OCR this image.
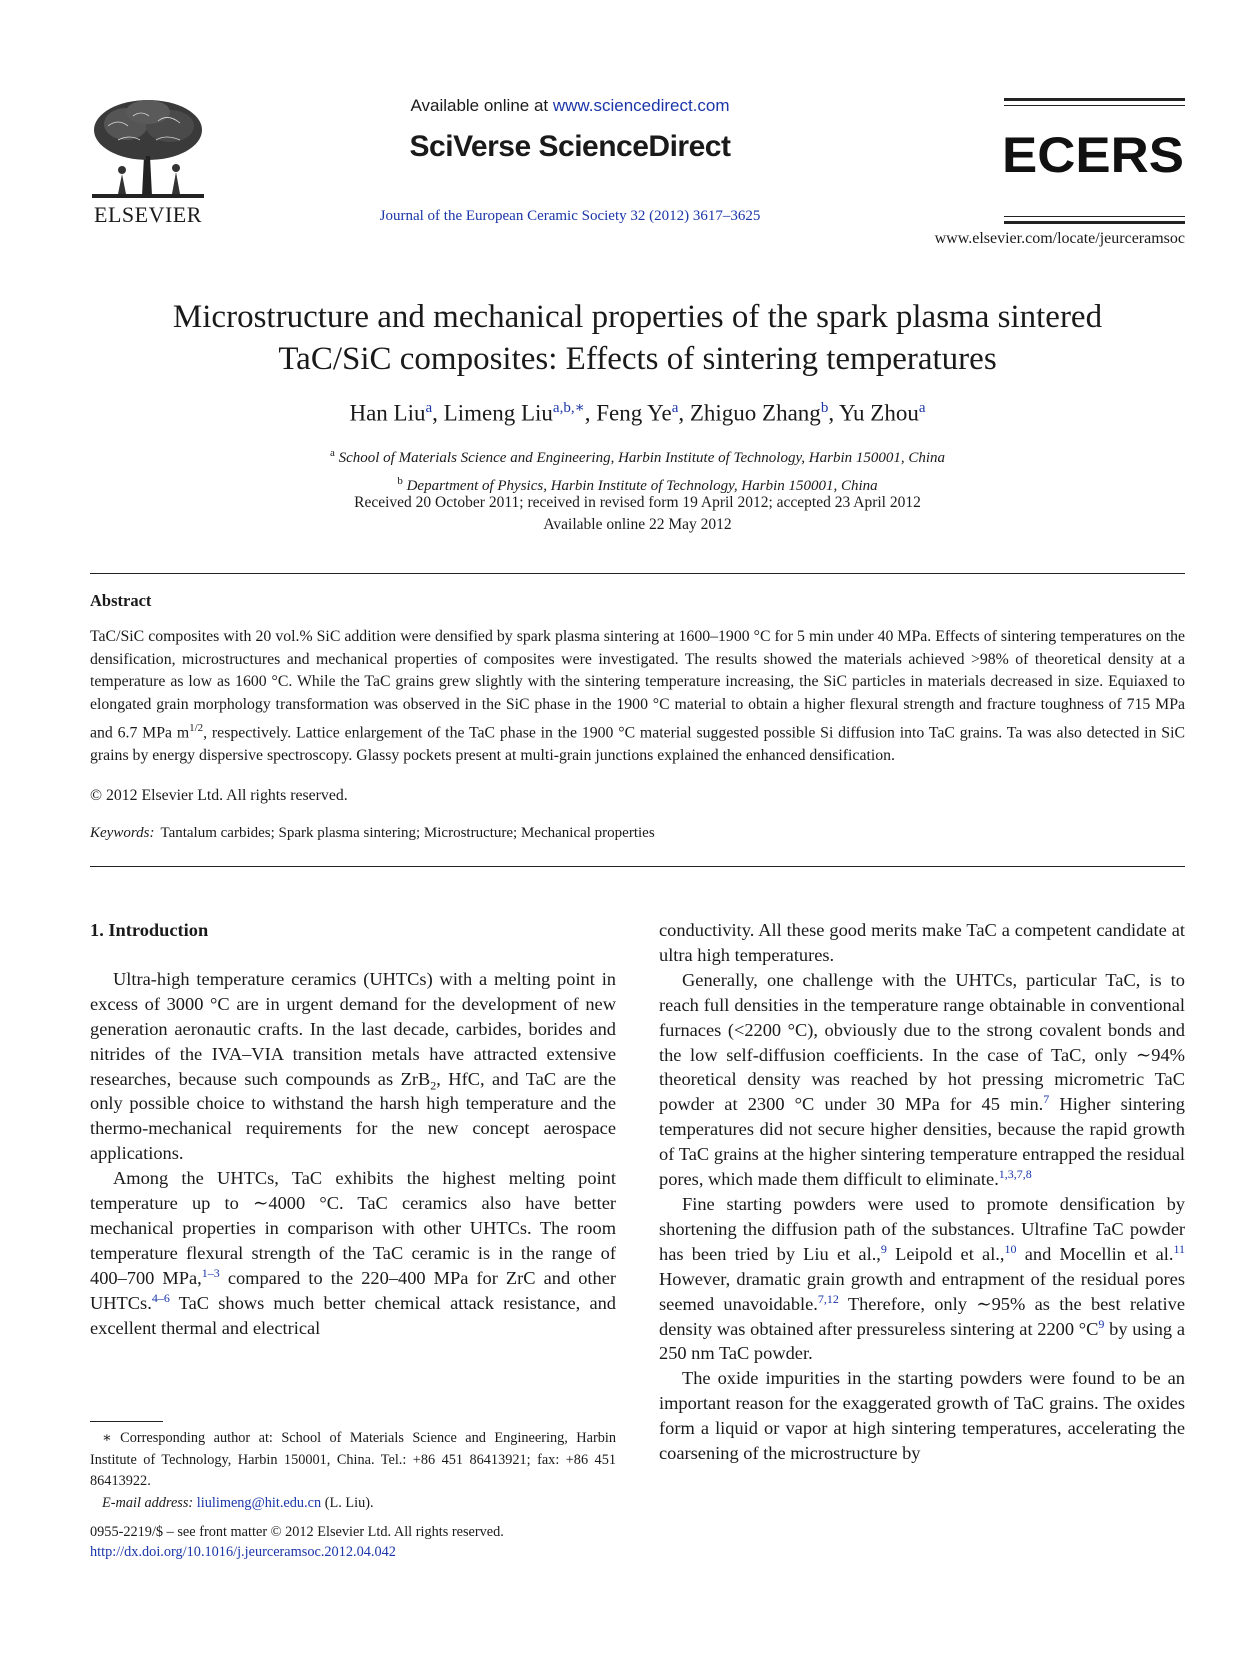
ELSEVIER
Available online at www.sciencedirect.com
SciVerse ScienceDirect
Journal of the European Ceramic Society 32 (2012) 3617–3625
ECERS
www.elsevier.com/locate/jeurceramsoc
Microstructure and mechanical properties of the spark plasma sintered
TaC/SiC composites: Effects of sintering temperatures
Han Liu$^a$, Limeng Liu$^{a,b,∗}$, Feng Ye$^a$, Zhiguo Zhang$^b$, Yu Zhou$^a$
$^a$ School of Materials Science and Engineering, Harbin Institute of Technology, Harbin 150001, China
$^b$ Department of Physics, Harbin Institute of Technology, Harbin 150001, China
Received 20 October 2011; received in revised form 19 April 2012; accepted 23 April 2012
Available online 22 May 2012
Abstract
TaC/SiC composites with 20 vol.% SiC addition were densified by spark plasma sintering at 1600–1900 °C for 5 min under 40 MPa. Effects of sintering temperatures on the densification, microstructures and mechanical properties of composites were investigated. The results showed the materials achieved >98% of theoretical density at a temperature as low as 1600 °C. While the TaC grains grew slightly with the sintering temperature increasing, the SiC particles in materials decreased in size. Equiaxed to elongated grain morphology transformation was observed in the SiC phase in the 1900 °C material to obtain a higher flexural strength and fracture toughness of 715 MPa and 6.7 MPa $m^{1/2}$, respectively. Lattice enlargement of the TaC phase in the 1900 °C material suggested possible Si diffusion into TaC grains. Ta was also detected in SiC grains by energy dispersive spectroscopy. Glassy pockets present at multi-grain junctions explained the enhanced densification.
© 2012 Elsevier Ltd. All rights reserved.
Keywords: Tantalum carbides; Spark plasma sintering; Microstructure; Mechanical properties

1. Introduction

Ultra-high temperature ceramics (UHTCs) with a melting point in excess of 3000 °C are in urgent demand for the development of new generation aeronautic crafts. In the last decade, carbides, borides and nitrides of the IVA–VIA transition metals have attracted extensive researches, because such compounds as ZrB$_2$, HfC, and TaC are the only possible choice to withstand the harsh high temperature and the thermo-mechanical requirements for the new concept aerospace applications.

Among the UHTCs, TaC exhibits the highest melting point temperature up to ∼4000 °C. TaC ceramics also have better mechanical properties in comparison with other UHTCs. The room temperature flexural strength of the TaC ceramic is in the range of 400–700 MPa,$^{1-3}$ compared to the 220–400 MPa for ZrC and other UHTCs.$^{4-6}$ TaC shows much better chemical attack resistance, and excellent thermal and electrical

conductivity. All these good merits make TaC a competent candidate at ultra high temperatures.

Generally, one challenge with the UHTCs, particular TaC, is to reach full densities in the temperature range obtainable in conventional furnaces (<2200 °C), obviously due to the strong covalent bonds and the low self-diffusion coefficients. In the case of TaC, only ∼94% theoretical density was reached by hot pressing micrometric TaC powder at 2300 °C under 30 MPa for 45 min.$^7$ Higher sintering temperatures did not secure higher densities, because the rapid growth of TaC grains at the higher sintering temperature entrapped the residual pores, which made them difficult to eliminate.$^{1,3,7,8}$

Fine starting powders were used to promote densification by shortening the diffusion path of the substances. Ultrafine TaC powder has been tried by Liu et al.,$^9$ Leipold et al.,$^{10}$ and Mocellin et al.$^{11}$ However, dramatic grain growth and entrapment of the residual pores seemed unavoidable.$^{7,12}$ Therefore, only ∼95% as the best relative density was obtained after pressureless sintering at 2200 $^\circ C^9$ by using a 250 nm TaC powder.

The oxide impurities in the starting powders were found to be an important reason for the exaggerated growth of TaC grains. The oxides form a liquid or vapor at high sintering temperatures, accelerating the coarsening of the microstructure by

∗ Corresponding author at: School of Materials Science and Engineering, Harbin Institute of Technology, Harbin 150001, China. Tel.: +86 451 86413921; fax: +86 451 86413922.

E-mail address: liulimeng@hit.edu.cn (L. Liu).

0955-2219/$ – see front matter © 2012 Elsevier Ltd. All rights reserved.
http://dx.doi.org/10.1016/j.jeurceramsoc.2012.04.042
